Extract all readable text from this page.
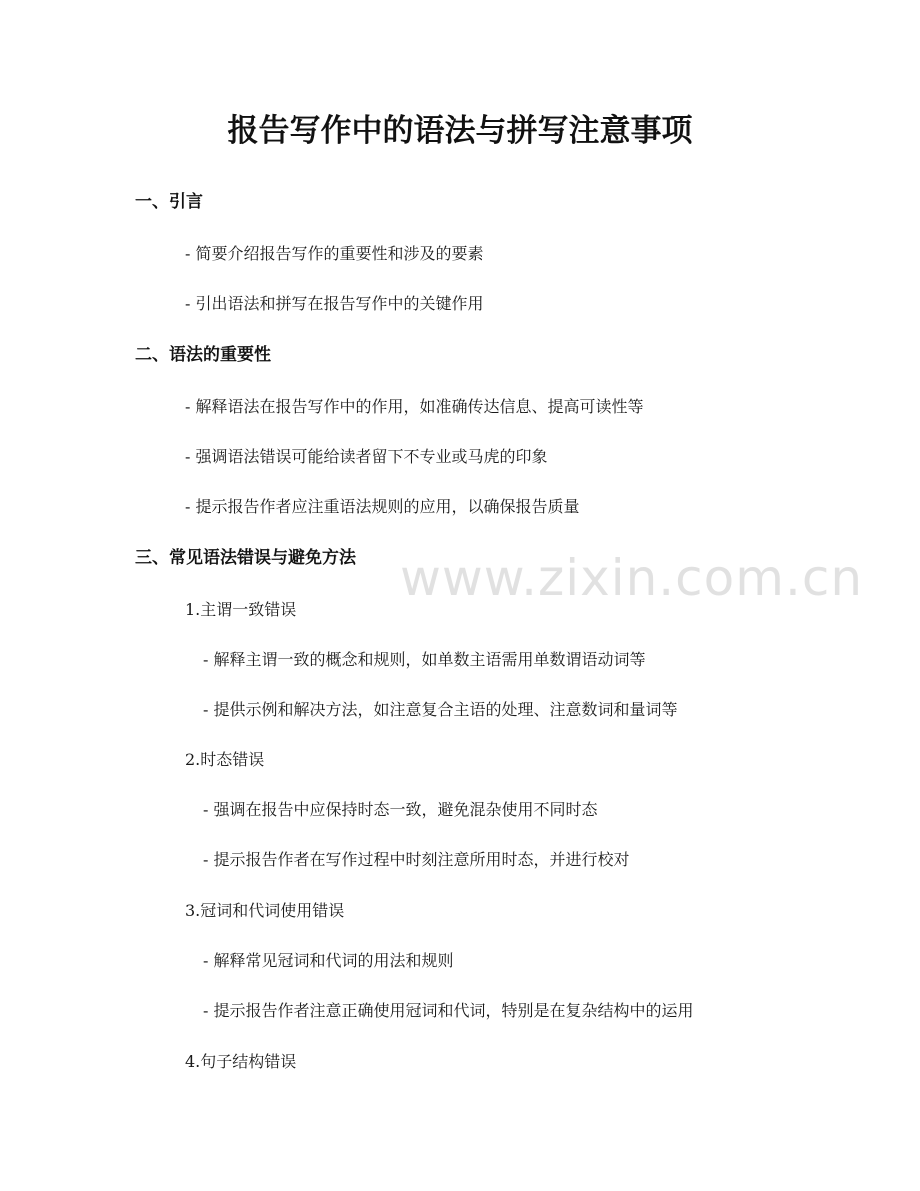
报告写作中的语法与拼写注意事项
一、引言
- 简要介绍报告写作的重要性和涉及的要素
- 引出语法和拼写在报告写作中的关键作用
二、语法的重要性
- 解释语法在报告写作中的作用，如准确传达信息、提高可读性等
- 强调语法错误可能给读者留下不专业或马虎的印象
- 提示报告作者应注重语法规则的应用，以确保报告质量
三、常见语法错误与避免方法
1.主谓一致错误
- 解释主谓一致的概念和规则，如单数主语需用单数谓语动词等
- 提供示例和解决方法，如注意复合主语的处理、注意数词和量词等
2.时态错误
- 强调在报告中应保持时态一致，避免混杂使用不同时态
- 提示报告作者在写作过程中时刻注意所用时态，并进行校对
3.冠词和代词使用错误
- 解释常见冠词和代词的用法和规则
- 提示报告作者注意正确使用冠词和代词，特别是在复杂结构中的运用
4.句子结构错误
www.zixin.com.cn
